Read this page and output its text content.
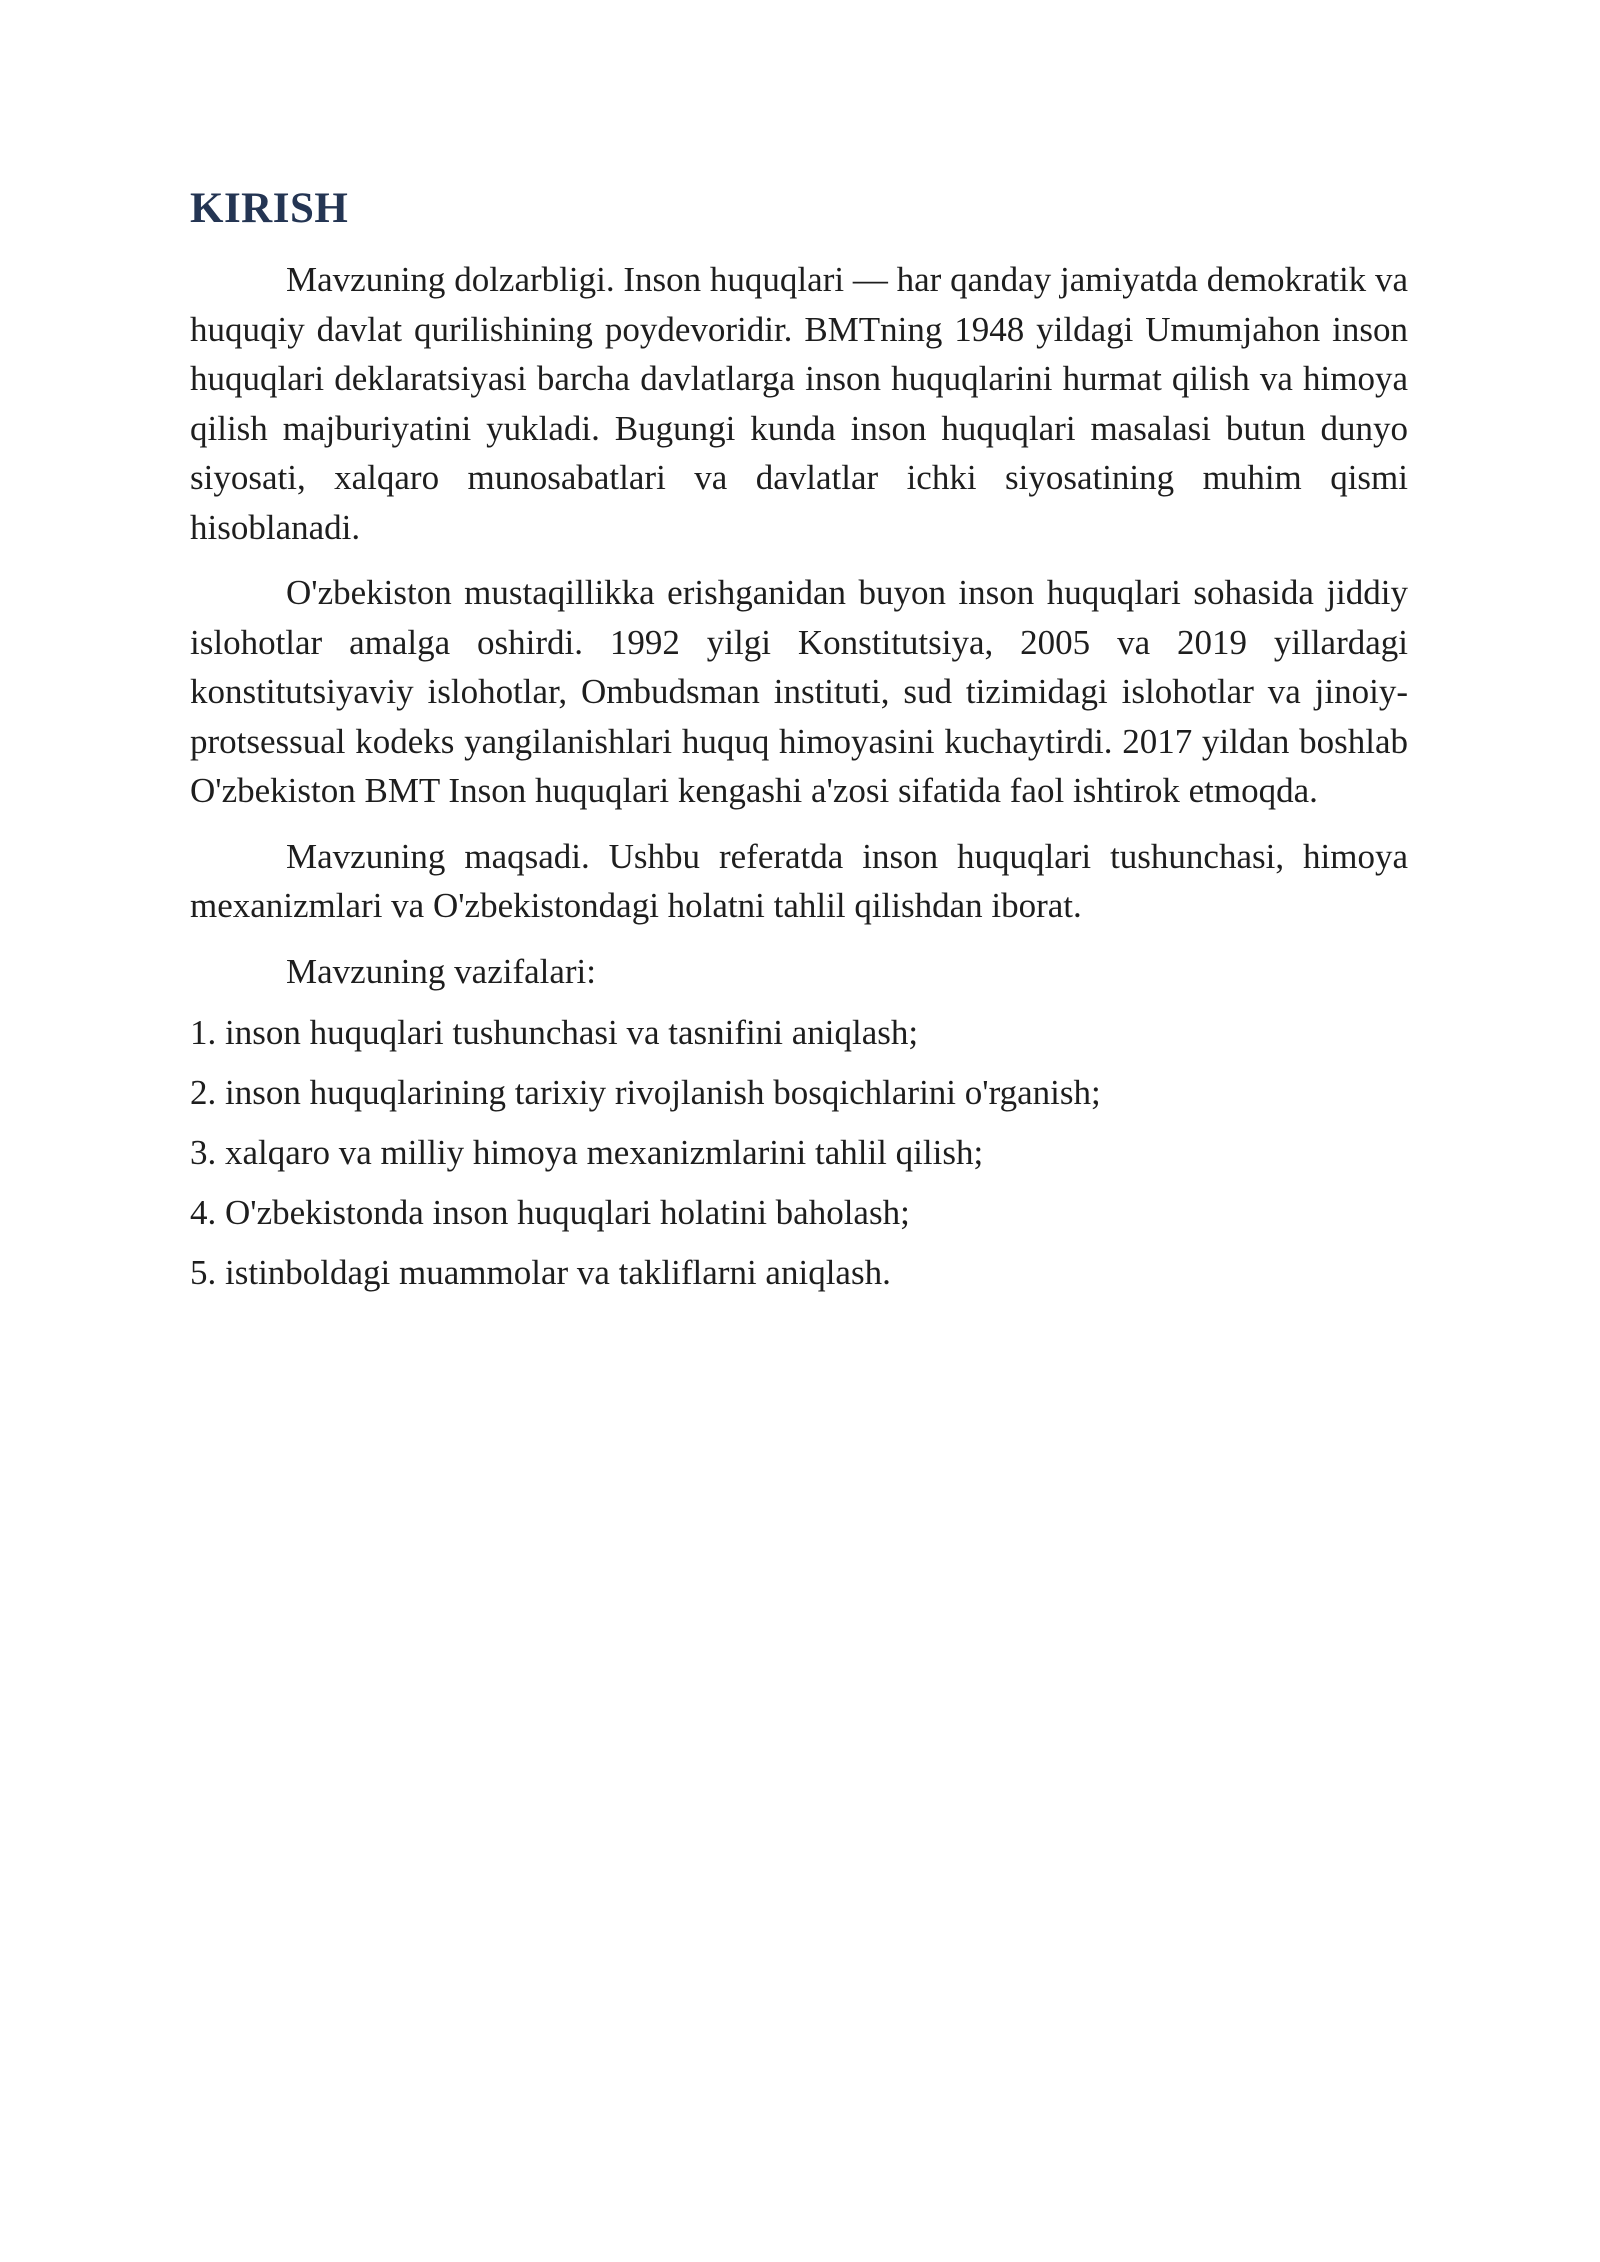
KIRISH

Mavzuning dolzarbligi. Inson huquqlari — har qanday jamiyatda demokratik va huquqiy davlat qurilishining poydevoridir. BMTning 1948 yildagi Umumjahon inson huquqlari deklaratsiyasi barcha davlatlarga inson huquqlarini hurmat qilish va himoya qilish majburiyatini yukladi. Bugungi kunda inson huquqlari masalasi butun dunyo siyosati, xalqaro munosabatlari va davlatlar ichki siyosatining muhim qismi hisoblanadi.

O'zbekiston mustaqillikka erishganidan buyon inson huquqlari sohasida jiddiy islohotlar amalga oshirdi. 1992 yilgi Konstitutsiya, 2005 va 2019 yillardagi konstitutsiyaviy islohotlar, Ombudsman instituti, sud tizimidagi islohotlar va jinoiy-protsessual kodeks yangilanishlari huquq himoyasini kuchaytirdi. 2017 yildan boshlab O'zbekiston BMT Inson huquqlari kengashi a'zosi sifatida faol ishtirok etmoqda.

Mavzuning maqsadi. Ushbu referatda inson huquqlari tushunchasi, himoya mexanizmlari va O'zbekistondagi holatni tahlil qilishdan iborat.

Mavzuning vazifalari:

1. inson huquqlari tushunchasi va tasnifini aniqlash;
2. inson huquqlarining tarixiy rivojlanish bosqichlarini o'rganish;
3. xalqaro va milliy himoya mexanizmlarini tahlil qilish;
4. O'zbekistonda inson huquqlari holatini baholash;
5. istinboldagi muammolar va takliflarni aniqlash.
